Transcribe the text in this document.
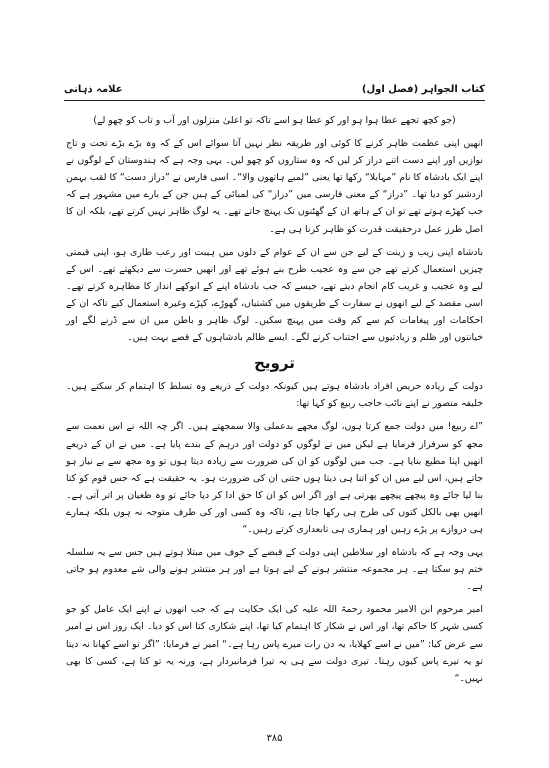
کتاب الجواہر (فصل اول)
علامہ ذہانی

(جو کچھ تجھے عطا ہوا ہو اور کو عطا ہو اسے تاکہ تو اعلیٰ منزلوں اور آب و تاب کو چھو لے)

انھیں اپنی عظمت ظاہر کرنے کا کوئی اور طریقہ نظر نہیں آتا سوائے اس کے کہ وہ بڑے بڑے تحت و تاج نوازیں اور اپنے دست اتنے دراز کر لیں کہ وہ ستاروں کو چھو لیں۔ یہی وجہ ہے کہ ہندوستان کے لوگوں نے اپنے ایک بادشاہ کا نام ”مہابلا“ رکھا تھا یعنی ”لمبے ہاتھوں والا“۔ اسی فارس نے ”دراز دست“ کا لقب بہمن اردشیر کو دیا تھا۔ ”دراز“ کے معنی فارسی میں ”دراز“ کی لمبائی کے ہیں جن کے بارے میں مشہور ہے کہ جب کھڑے ہوتے تھے تو ان کے ہاتھ ان کے گھٹنوں تک پہنچ جاتے تھے۔ یہ لوگ ظاہر نہیں کرتے تھے، بلکہ ان کا اصل طرز عمل درحقیقت قدرت کو ظاہر کرنا ہی ہے۔

بادشاہ اپنی زیب و زینت کے لیے جن سے ان کے عوام کے دلوں میں ہیبت اور رعب طاری ہو، اپنی قیمتی چیزیں استعمال کرتے تھے جن سے وہ عجیب طرح بنے ہوئے تھے اور انھیں حسرت سے دیکھتے تھے۔ اس کے لیے وہ عجیب و غریب کام انجام دیتے تھے، جیسے کہ جب بادشاہ اپنے کے انوکھے انداز کا مظاہرہ کرتے تھے۔ اسی مقصد کے لیے انھوں نے سفارت کے طریقوں میں کشتیاں، گھوڑے، کپڑے وغیرہ استعمال کیے تاکہ ان کے احکامات اور پیغامات کم سے کم وقت میں پہنچ سکیں۔ لوگ ظاہر و باطن میں ان سے ڈرنے لگے اور خیانتوں اور ظلم و زیادتیوں سے اجتناب کرنے لگے۔ ایسے ظالم بادشاہوں کے قصے بہت ہیں۔

ترویح

دولت کے زیادہ حریص افراد بادشاہ ہوتے ہیں کیونکہ دولت کے ذریعے وہ تسلط کا اہتمام کر سکتے ہیں۔ خلیفہ منصور نے اپنے نائب حاجب ربیع کو کہا تھا:

”اے ربیع! میں دولت جمع کرتا ہوں، لوگ مجھے بدعملی والا سمجھتے ہیں۔ اگر چہ اللہ نے اس نعمت سے مجھ کو سرفراز فرمایا ہے لیکن میں نے لوگوں کو دولت اور درہم کے بندے پایا ہے۔ میں نے ان کے ذریعے انھیں اپنا مطیع بنایا ہے۔ جب میں لوگوں کو ان کی ضرورت سے زیادہ دیتا ہوں تو وہ مجھ سے بے نیاز ہو جاتے ہیں، اس لیے میں ان کو اتنا ہی دیتا ہوں جتنی ان کی ضرورت ہو۔ یہ حقیقت ہے کہ جس قوم کو کتا بنا لیا جائے وہ پیچھے پیچھے پھرتی ہے اور اگر اس کو ان کا حق ادا کر دیا جائے تو وہ طغیان پر اتر آتی ہے۔ انھیں بھی بالکل کتوں کی طرح ہی رکھا جاتا ہے، تاکہ وہ کسی اور کی طرف متوجہ نہ ہوں بلکہ ہمارے ہی دروازے پر پڑے رہیں اور ہماری ہی تابعداری کرتے رہیں۔“

یہی وجہ ہے کہ بادشاہ اور سلاطین اپنی دولت کے قبضے کے خوف میں مبتلا ہوتے ہیں جس سے یہ سلسلہ ختم ہو سکتا ہے۔ ہر مجموعہ منتشر ہونے کے لیے ہوتا ہے اور ہر منتشر ہونے والی شے معدوم ہو جاتی ہے۔

امیر مرحوم ابن الامیر محمود رحمۃ اللہ علیہ کی ایک حکایت ہے کہ جب انھوں نے اپنے ایک عامل کو جو کسی شہر کا حاکم تھا، اور اس نے شکار کا اہتمام کیا تھا، اپنے شکاری کتا اس کو دیا۔ ایک روز اس نے امیر سے عرض کیا: ”میں نے اسے کھلایا، یہ دن رات میرے پاس رہا ہے۔“ امیر نے فرمایا: ”اگر تو اسے کھانا نہ دیتا تو یہ تیرے پاس کیوں رہتا۔ تیری دولت سے ہی یہ تیرا فرمانبردار ہے، ورنہ یہ تو کتا ہے، کسی کا بھی نہیں۔“

۳۸۵
